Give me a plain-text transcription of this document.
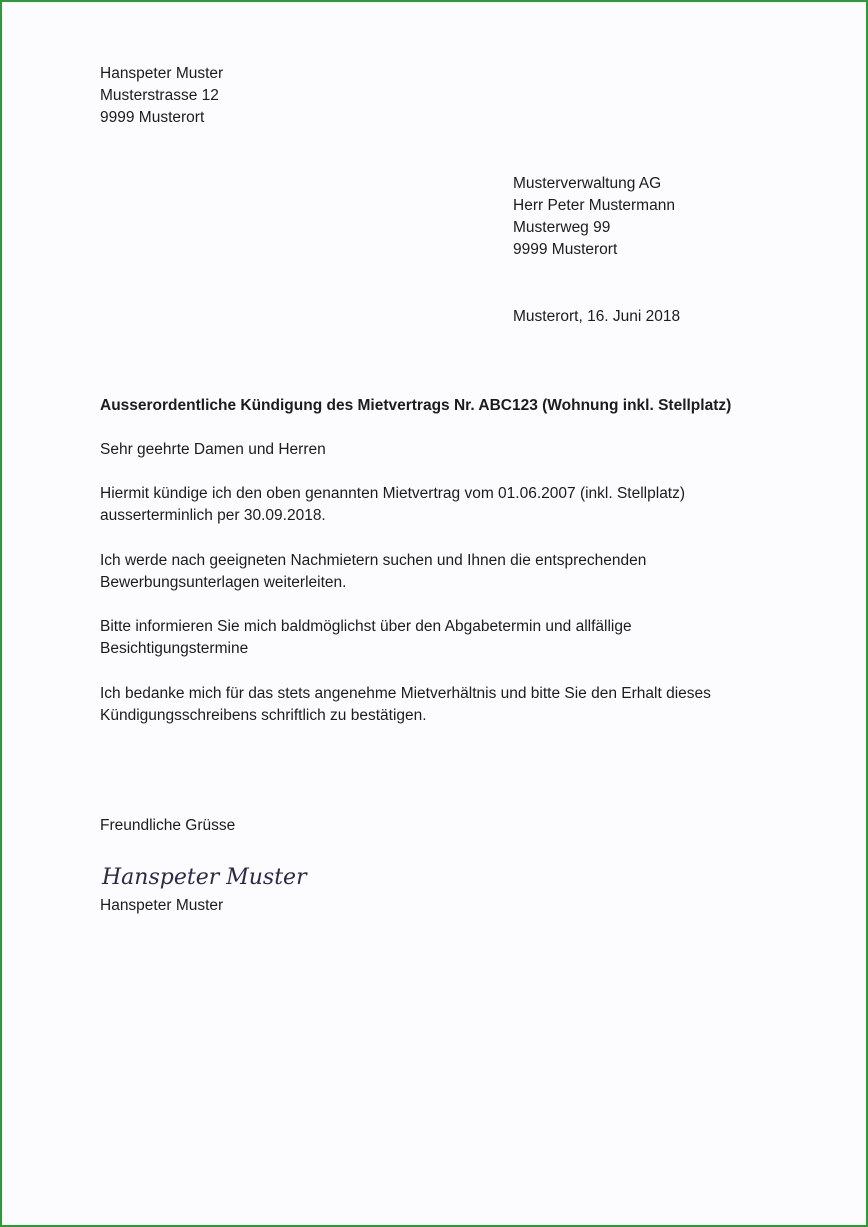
Hanspeter Muster
Musterstrasse 12
9999 Musterort
Musterverwaltung AG
Herr Peter Mustermann
Musterweg 99
9999 Musterort
Musterort, 16. Juni 2018
Ausserordentliche Kündigung des Mietvertrags Nr. ABC123 (Wohnung inkl. Stellplatz)
Sehr geehrte Damen und Herren
Hiermit kündige ich den oben genannten Mietvertrag vom 01.06.2007 (inkl. Stellplatz)
ausserterminlich per 30.09.2018.
Ich werde nach geeigneten Nachmietern suchen und Ihnen die entsprechenden
Bewerbungsunterlagen weiterleiten.
Bitte informieren Sie mich baldmöglichst über den Abgabetermin und allfällige
Besichtigungstermine
Ich bedanke mich für das stets angenehme Mietverhältnis und bitte Sie den Erhalt dieses
Kündigungsschreibens schriftlich zu bestätigen.
Freundliche Grüsse
Hanspeter Muster
Hanspeter Muster
